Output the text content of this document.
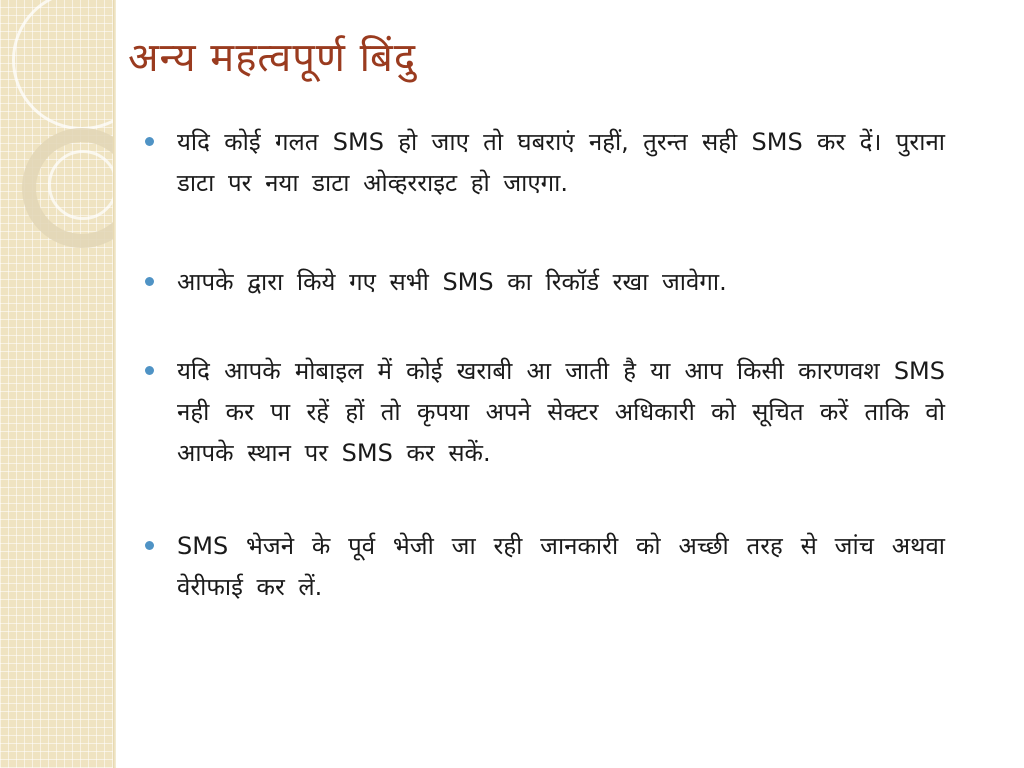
अन्य महत्वपूर्ण बिंदु
यदि कोई गलत SMS हो जाए तो घबराएं नहीं, तुरन्त सही SMS कर दें। पुराना डाटा पर नया डाटा ओव्हरराइट हो जाएगा.
आपके द्वारा किये गए सभी SMS का रिकॉर्ड रखा जावेगा.
यदि आपके मोबाइल में कोई खराबी आ जाती है या आप किसी कारणवश SMS नही कर पा रहें हों तो कृपया अपने सेक्टर अधिकारी को सूचित करें ताकि वो आपके स्थान पर SMS कर सकें.
SMS भेजने के पूर्व भेजी जा रही जानकारी को अच्छी तरह से जांच अथवा वेरीफाई कर लें.
